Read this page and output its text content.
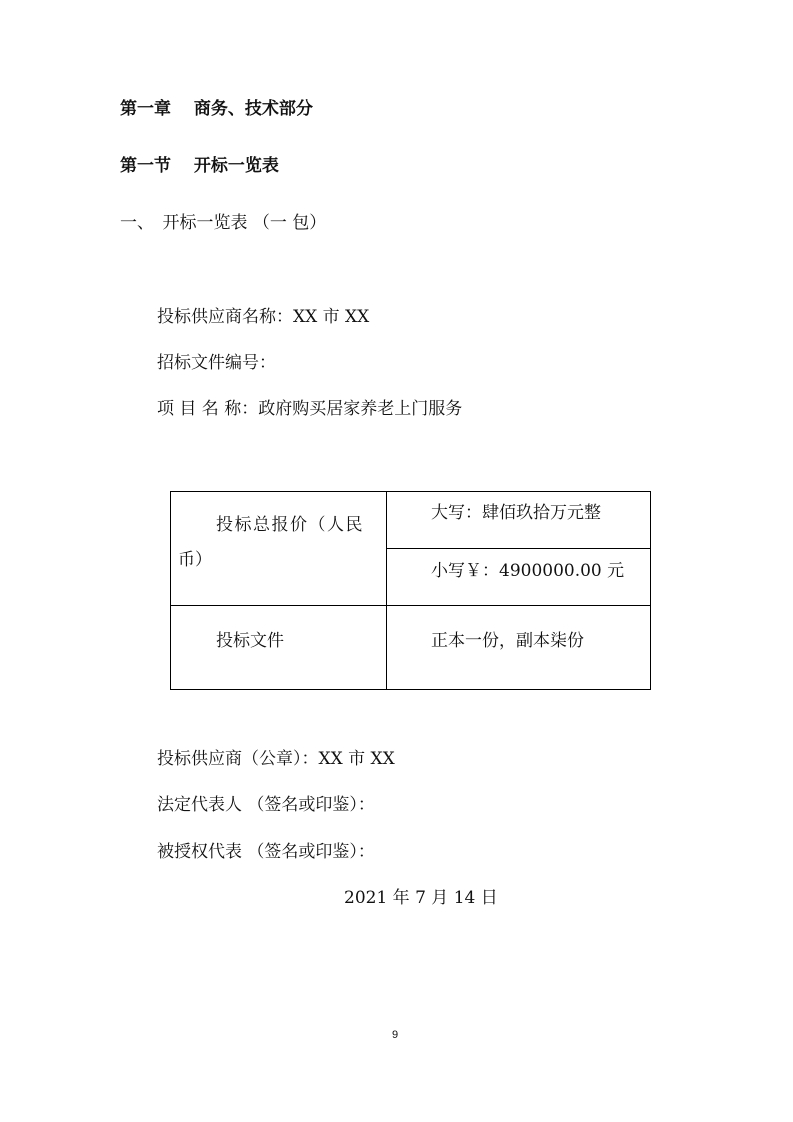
第一章　 商务、技术部分
第一节　 开标一览表
一、　开标一览表 （一 包）
投标供应商名称：XX 市 XX
招标文件编号：
项 目 名 称：政府购买居家养老上门服务
投标总报价（人民
币）
大写：肆佰玖拾万元整
小写￥：4900000.00 元
投标文件	正本一份，副本柒份
投标供应商（公章）：XX 市 XX
法定代表人 （签名或印鉴）：
被授权代表 （签名或印鉴）：
2021 年 7 月 14 日
9
